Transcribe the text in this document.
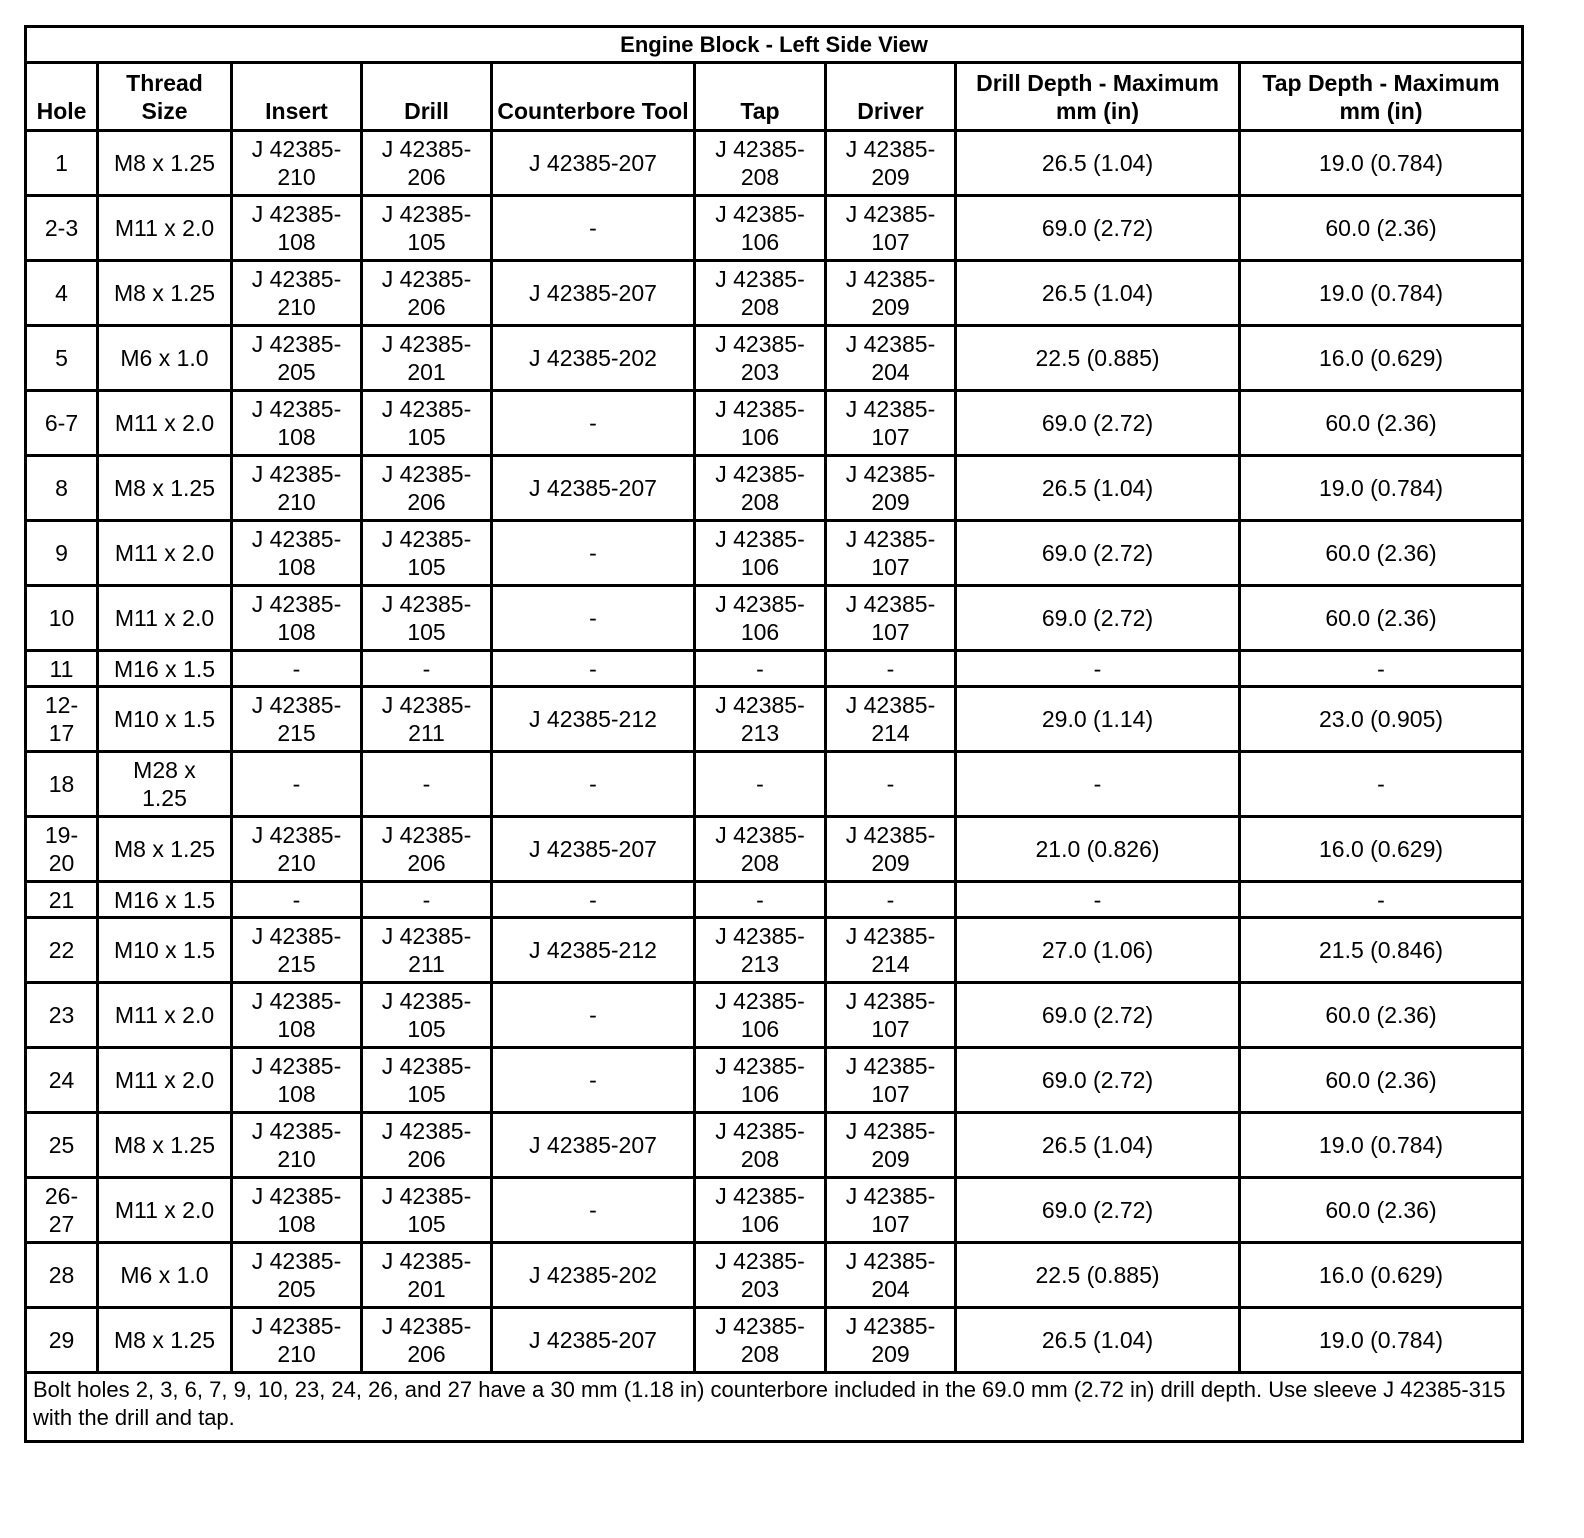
Engine Block - Left Side View								
Hole	Thread Size	Insert	Drill	Counterbore Tool	Tap	Driver	Drill Depth - Maximum mm (in)	Tap Depth - Maximum mm (in)
1	M8 x 1.25	J 42385-210	J 42385-206	J 42385-207	J 42385-208	J 42385-209	26.5 (1.04)	19.0 (0.784)
2-3	M11 x 2.0	J 42385-108	J 42385-105	-	J 42385-106	J 42385-107	69.0 (2.72)	60.0 (2.36)
4	M8 x 1.25	J 42385-210	J 42385-206	J 42385-207	J 42385-208	J 42385-209	26.5 (1.04)	19.0 (0.784)
5	M6 x 1.0	J 42385-205	J 42385-201	J 42385-202	J 42385-203	J 42385-204	22.5 (0.885)	16.0 (0.629)
6-7	M11 x 2.0	J 42385-108	J 42385-105	-	J 42385-106	J 42385-107	69.0 (2.72)	60.0 (2.36)
8	M8 x 1.25	J 42385-210	J 42385-206	J 42385-207	J 42385-208	J 42385-209	26.5 (1.04)	19.0 (0.784)
9	M11 x 2.0	J 42385-108	J 42385-105	-	J 42385-106	J 42385-107	69.0 (2.72)	60.0 (2.36)
10	M11 x 2.0	J 42385-108	J 42385-105	-	J 42385-106	J 42385-107	69.0 (2.72)	60.0 (2.36)
11	M16 x 1.5	-	-	-	-	-	-	-
12-17	M10 x 1.5	J 42385-215	J 42385-211	J 42385-212	J 42385-213	J 42385-214	29.0 (1.14)	23.0 (0.905)
18	M28 x 1.25	-	-	-	-	-	-	-
19-20	M8 x 1.25	J 42385-210	J 42385-206	J 42385-207	J 42385-208	J 42385-209	21.0 (0.826)	16.0 (0.629)
21	M16 x 1.5	-	-	-	-	-	-	-
22	M10 x 1.5	J 42385-215	J 42385-211	J 42385-212	J 42385-213	J 42385-214	27.0 (1.06)	21.5 (0.846)
23	M11 x 2.0	J 42385-108	J 42385-105	-	J 42385-106	J 42385-107	69.0 (2.72)	60.0 (2.36)
24	M11 x 2.0	J 42385-108	J 42385-105	-	J 42385-106	J 42385-107	69.0 (2.72)	60.0 (2.36)
25	M8 x 1.25	J 42385-210	J 42385-206	J 42385-207	J 42385-208	J 42385-209	26.5 (1.04)	19.0 (0.784)
26-27	M11 x 2.0	J 42385-108	J 42385-105	-	J 42385-106	J 42385-107	69.0 (2.72)	60.0 (2.36)
28	M6 x 1.0	J 42385-205	J 42385-201	J 42385-202	J 42385-203	J 42385-204	22.5 (0.885)	16.0 (0.629)
29	M8 x 1.25	J 42385-210	J 42385-206	J 42385-207	J 42385-208	J 42385-209	26.5 (1.04)	19.0 (0.784)
Bolt holes 2, 3, 6, 7, 9, 10, 23, 24, 26, and 27 have a 30 mm (1.18 in) counterbore included in the 69.0 mm (2.72 in) drill depth. Use sleeve J 42385-315 with the drill and tap.								
